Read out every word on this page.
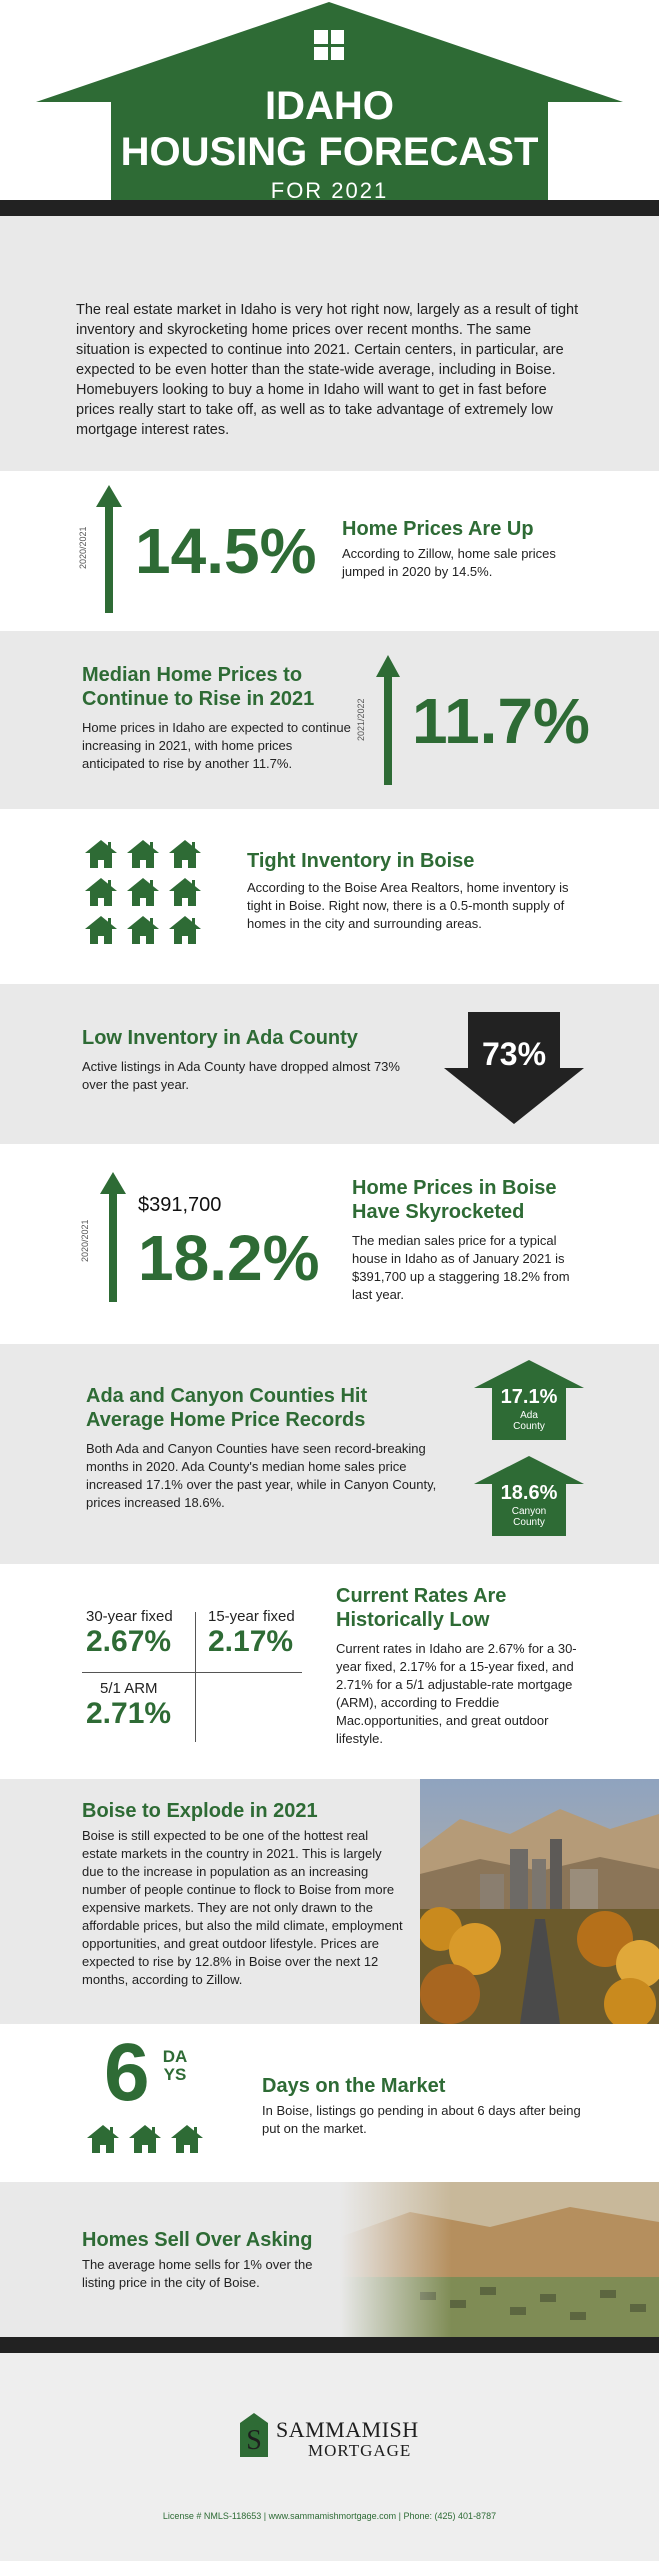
IDAHO
HOUSING FORECAST
FOR 2021

The real estate market in Idaho is very hot right now, largely as a result of tight inventory and skyrocketing home prices over recent months. The same situation is expected to continue into 2021. Certain centers, in particular, are expected to be even hotter than the state-wide average, including in Boise. Homebuyers looking to buy a home in Idaho will want to get in fast before prices really start to take off, as well as to take advantage of extremely low mortgage interest rates.

2020/2021 14.5% Home Prices Are Up
According to Zillow, home sale prices jumped in 2020 by 14.5%.
Median Home Prices to
Continue to Rise in 2021
Home prices in Idaho are expected to continue increasing in 2021, with home prices anticipated to rise by another 11.7%.
2021/2022 11.7%
Tight Inventory in Boise
According to the Boise Area Realtors, home inventory is tight in Boise. Right now, there is a 0.5-month supply of homes in the city and surrounding areas.
Low Inventory in Ada County
Active listings in Ada County have dropped almost 73% over the past year.
73%
2020/2021
$391,700
18.2%
Home Prices in Boise
Have Skyrocketed
The median sales price for a typical house in Idaho as of January 2021 is $391,700 up a staggering 18.2% from last year.
Ada and Canyon Counties Hit
Average Home Price Records
Both Ada and Canyon Counties have seen record-breaking months in 2020. Ada County's median home sales price increased 17.1% over the past year, while in Canyon County, prices increased 18.6%.
17.1%
Ada
County
18.6%
Canyon
County
30-year fixed
2.67%
15-year fixed
2.17%
5/1 ARM
2.71%
Current Rates Are
Historically Low
Current rates in Idaho are 2.67% for a 30-year fixed, 2.17% for a 15-year fixed, and 2.71% for a 5/1 adjustable-rate mortgage (ARM), according to Freddie Mac.opportunities, and great outdoor lifestyle.
Boise to Explode in 2021
Boise is still expected to be one of the hottest real estate markets in the country in 2021. This is largely due to the increase in population as an increasing number of people continue to flock to Boise from more expensive markets. They are not only drawn to the affordable prices, but also the mild climate, employment opportunities, and great outdoor lifestyle. Prices are expected to rise by 12.8% in Boise over the next 12 months, according to Zillow.
6 DAYS
Days on the Market
In Boise, listings go pending in about 6 days after being put on the market.
Homes Sell Over Asking
The average home sells for 1% over the listing price in the city of Boise.
S SAMMAMISH
MORTGAGE
License # NMLS-118653 | www.sammamishmortgage.com | Phone: (425) 401-8787
